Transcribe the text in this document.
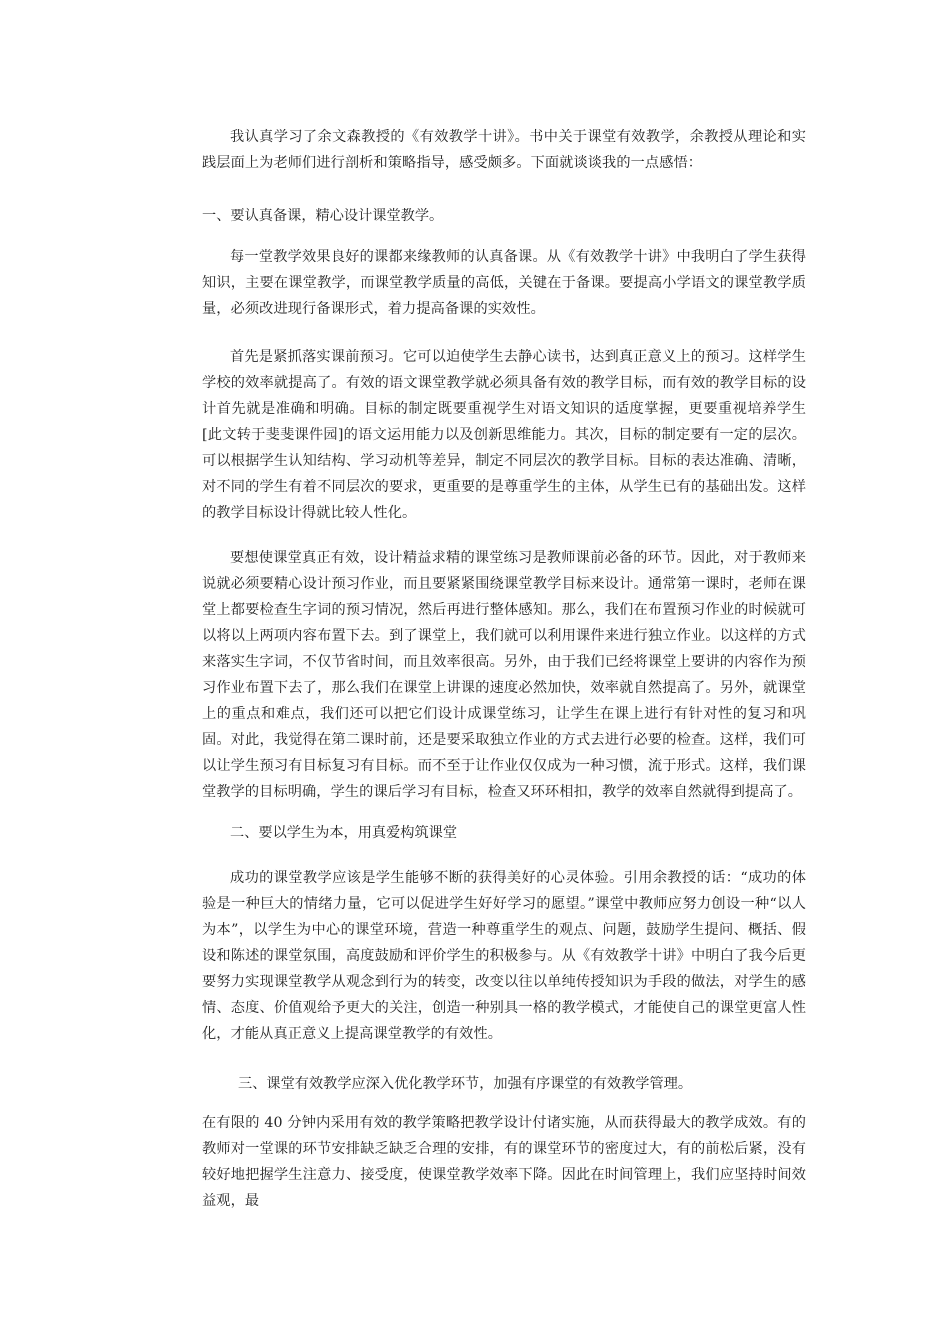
我认真学习了余文森教授的《有效教学十讲》。书中关于课堂有效教学，余教授从理论和实践层面上为老师们进行剖析和策略指导，感受颇多。下面就谈谈我的一点感悟：

一、要认真备课，精心设计课堂教学。

每一堂教学效果良好的课都来缘教师的认真备课。从《有效教学十讲》中我明白了学生获得知识，主要在课堂教学，而课堂教学质量的高低，关键在于备课。要提高小学语文的课堂教学质量，必须改进现行备课形式，着力提高备课的实效性。

首先是紧抓落实课前预习。它可以迫使学生去静心读书，达到真正意义上的预习。这样学生学校的效率就提高了。有效的语文课堂教学就必须具备有效的教学目标，而有效的教学目标的设计首先就是准确和明确。目标的制定既要重视学生对语文知识的适度掌握，更要重视培养学生[此文转于斐斐课件园]的语文运用能力以及创新思维能力。其次，目标的制定要有一定的层次。可以根据学生认知结构、学习动机等差异，制定不同层次的教学目标。目标的表达准确、清晰，对不同的学生有着不同层次的要求，更重要的是尊重学生的主体，从学生已有的基础出发。这样的教学目标设计得就比较人性化。

要想使课堂真正有效，设计精益求精的课堂练习是教师课前必备的环节。因此，对于教师来说就必须要精心设计预习作业，而且要紧紧围绕课堂教学目标来设计。通常第一课时，老师在课堂上都要检查生字词的预习情况，然后再进行整体感知。那么，我们在布置预习作业的时候就可以将以上两项内容布置下去。到了课堂上，我们就可以利用课件来进行独立作业。以这样的方式来落实生字词，不仅节省时间，而且效率很高。另外，由于我们已经将课堂上要讲的内容作为预习作业布置下去了，那么我们在课堂上讲课的速度必然加快，效率就自然提高了。另外，就课堂上的重点和难点，我们还可以把它们设计成课堂练习，让学生在课上进行有针对性的复习和巩固。对此，我觉得在第二课时前，还是要采取独立作业的方式去进行必要的检查。这样，我们可以让学生预习有目标复习有目标。而不至于让作业仅仅成为一种习惯，流于形式。这样，我们课堂教学的目标明确，学生的课后学习有目标，检查又环环相扣，教学的效率自然就得到提高了。

二、要以学生为本，用真爱构筑课堂

成功的课堂教学应该是学生能够不断的获得美好的心灵体验。引用余教授的话：“成功的体验是一种巨大的情绪力量，它可以促进学生好好学习的愿望。”课堂中教师应努力创设一种“以人为本”，以学生为中心的课堂环境，营造一种尊重学生的观点、问题，鼓励学生提问、概括、假设和陈述的课堂氛围，高度鼓励和评价学生的积极参与。从《有效教学十讲》中明白了我今后更要努力实现课堂教学从观念到行为的转变，改变以往以单纯传授知识为手段的做法，对学生的感情、态度、价值观给予更大的关注，创造一种别具一格的教学模式，才能使自己的课堂更富人性化，才能从真正意义上提高课堂教学的有效性。

三、课堂有效教学应深入优化教学环节，加强有序课堂的有效教学管理。

在有限的 40 分钟内采用有效的教学策略把教学设计付诸实施，从而获得最大的教学成效。有的教师对一堂课的环节安排缺乏缺乏合理的安排，有的课堂环节的密度过大，有的前松后紧，没有较好地把握学生注意力、接受度，使课堂教学效率下降。因此在时间管理上，我们应坚持时间效益观，最
